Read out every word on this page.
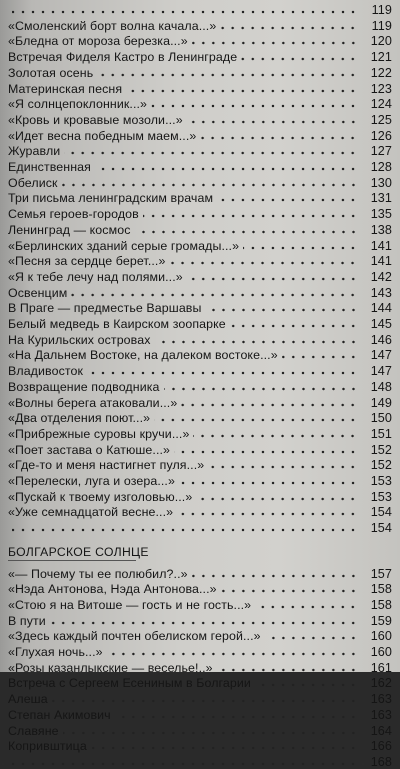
119
«Смоленский борт волна качала...»	119
«Бледна от мороза березка...»	120
Встречая Фиделя Кастро в Ленинграде	121
Золотая осень	122
Материнская песня	123
«Я солнцепоклонник...»	124
«Кровь и кровавые мозоли...»	125
«Идет весна победным маем...»	126
Журавли	127
Единственная	128
Обелиск	130
Три письма ленинградским врачам	131
Семья героев-городов	135
Ленинград — космос	138
«Берлинских зданий серые громады...»	141
«Песня за сердце берет...»	141
«Я к тебе лечу над полями...»	142
Освенцим	143
В Праге — предместье Варшавы	144
Белый медведь в Каирском зоопарке	145
На Курильских островах	146
«На Дальнем Востоке, на далеком востоке...»	147
Владивосток	147
Возвращение подводника	148
«Волны берега атаковали...»	149
«Два отделения поют...»	150
«Прибрежные суровы кручи...»	151
«Поет застава о Катюше...»	152
«Где-то и меня настигнет пуля...»	152
«Перелески, луга и озера...»	153
«Пускай к твоему изголовью...»	153
«Уже семнадцатой весне...»	154
154
БОЛГАРСКОЕ СОЛНЦЕ
«— Почему ты ее полюбил?..»	157
«Нэда Антонова, Нэда Антонова...»	158
«Стою я на Витоше — гость и не гость...»	158
В пути	159
«Здесь каждый почтен обелиском герой...»	160
«Глухая ночь...»	160
«Розы казанлыкские — веселье!..»	161
Встреча с Сергеем Есениным в Болгарии	162
Алеша	163
Степан Акимович	163
Славяне	164
Копривштица	166
168
